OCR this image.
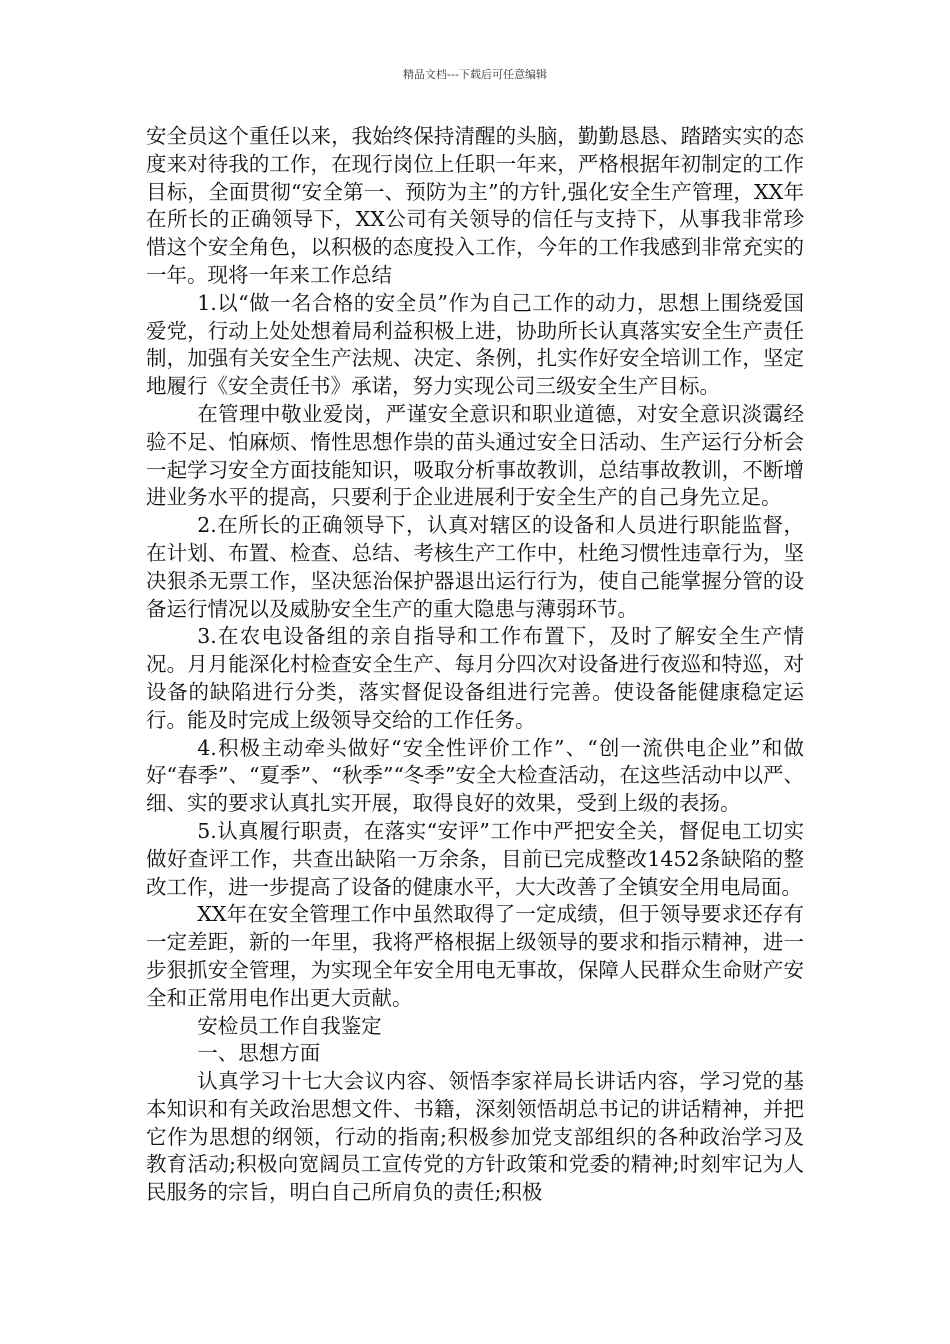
精品文档---下载后可任意编辑

安全员这个重任以来，我始终保持清醒的头脑，勤勤恳恳、踏踏实实的态度来对待我的工作，在现行岗位上任职一年来，严格根据年初制定的工作目标，全面贯彻“安全第一、预防为主”的方针,强化安全生产管理，XX年在所长的正确领导下，XX公司有关领导的信任与支持下，从事我非常珍惜这个安全角色，以积极的态度投入工作，今年的工作我感到非常充实的一年。现将一年来工作总结

1.以“做一名合格的安全员”作为自己工作的动力，思想上围绕爱国爱党，行动上处处想着局利益积极上进，协助所长认真落实安全生产责任制，加强有关安全生产法规、决定、条例，扎实作好安全培训工作，坚定地履行《安全责任书》承诺，努力实现公司三级安全生产目标。

在管理中敬业爱岗，严谨安全意识和职业道德，对安全意识淡霭经验不足、怕麻烦、惰性思想作祟的苗头通过安全日活动、生产运行分析会一起学习安全方面技能知识，吸取分析事故教训，总结事故教训，不断增进业务水平的提高，只要利于企业进展利于安全生产的自己身先立足。

2.在所长的正确领导下，认真对辖区的设备和人员进行职能监督，在计划、布置、检查、总结、考核生产工作中，杜绝习惯性违章行为，坚决狠杀无票工作，坚决惩治保护器退出运行行为，使自己能掌握分管的设备运行情况以及威胁安全生产的重大隐患与薄弱环节。

3.在农电设备组的亲自指导和工作布置下，及时了解安全生产情况。月月能深化村检查安全生产、每月分四次对设备进行夜巡和特巡，对设备的缺陷进行分类，落实督促设备组进行完善。使设备能健康稳定运行。能及时完成上级领导交给的工作任务。

4.积极主动牵头做好“安全性评价工作”、“创一流供电企业”和做好“春季”、“夏季”、“秋季”“冬季”安全大检查活动，在这些活动中以严、细、实的要求认真扎实开展，取得良好的效果，受到上级的表扬。

5.认真履行职责，在落实“安评”工作中严把安全关，督促电工切实做好查评工作，共查出缺陷一万余条，目前已完成整改1452条缺陷的整改工作，进一步提高了设备的健康水平，大大改善了全镇安全用电局面。

XX年在安全管理工作中虽然取得了一定成绩，但于领导要求还存有一定差距，新的一年里，我将严格根据上级领导的要求和指示精神，进一步狠抓安全管理，为实现全年安全用电无事故，保障人民群众生命财产安全和正常用电作出更大贡献。

安检员工作自我鉴定

一、思想方面

认真学习十七大会议内容、领悟李家祥局长讲话内容，学习党的基本知识和有关政治思想文件、书籍，深刻领悟胡总书记的讲话精神，并把它作为思想的纲领，行动的指南;积极参加党支部组织的各种政治学习及教育活动;积极向宽阔员工宣传党的方针政策和党委的精神;时刻牢记为人民服务的宗旨，明白自己所肩负的责任;积极
